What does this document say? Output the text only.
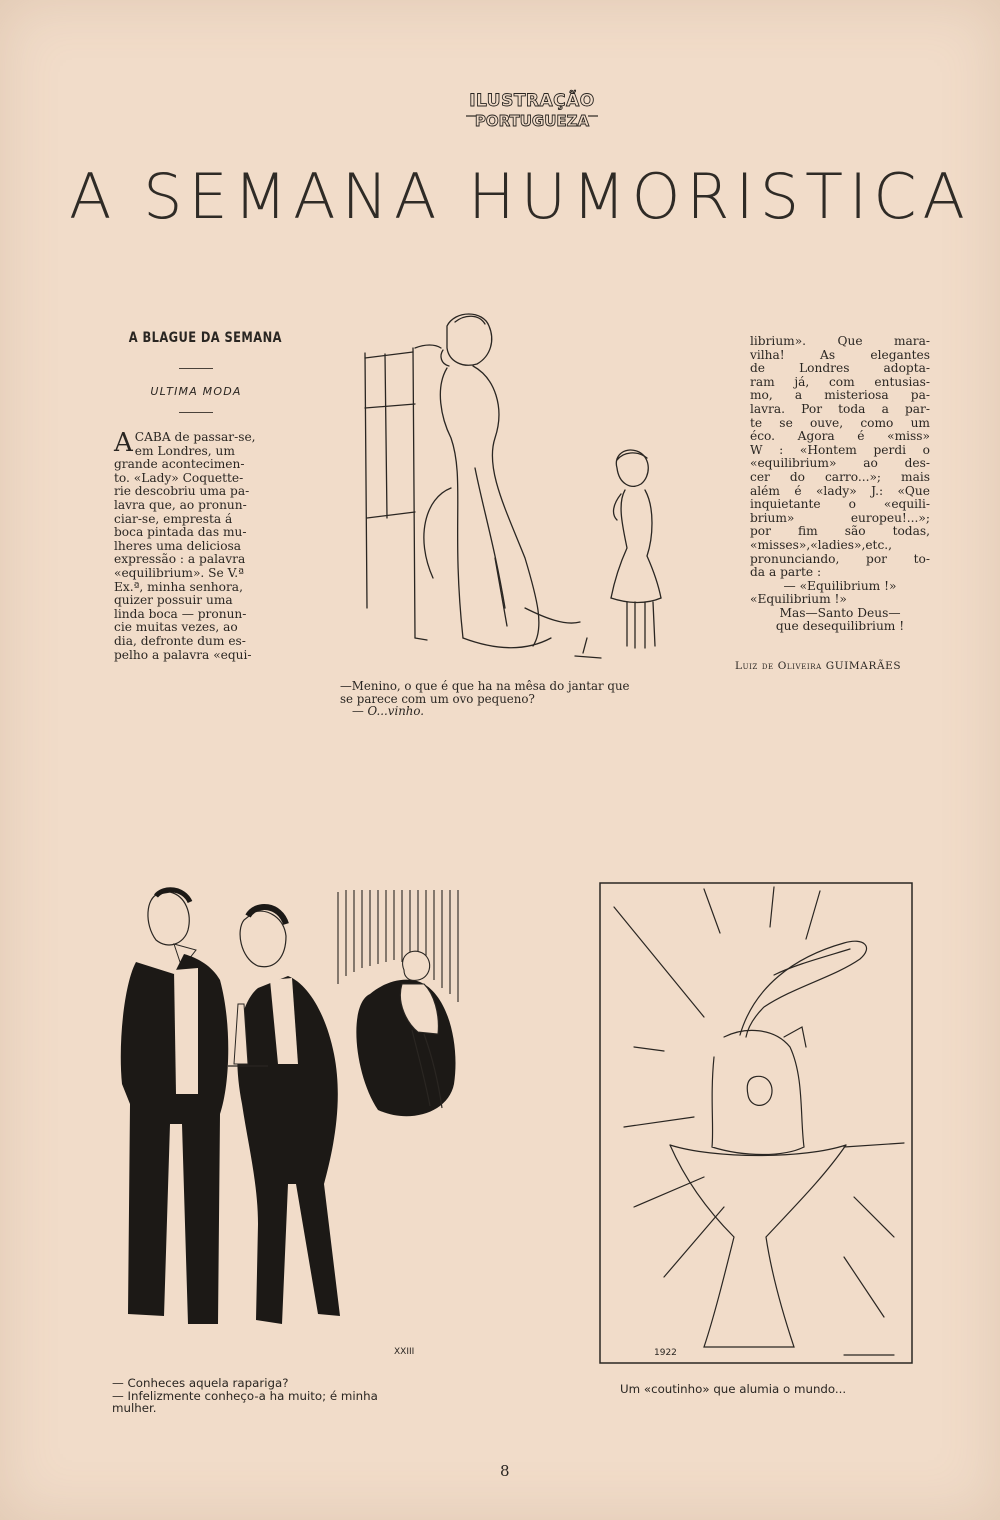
ILUSTRAÇÃO
PORTUGUEZA
A SEMANA HUMORISTICA
A BLAGUE DA SEMANA
ULTIMA MODA
A CABA de passar-se,
em Londres, um
grande acontecimen-
to. «Lady» Coquette-
rie descobriu uma pa-
lavra que, ao pronun-
ciar-se, empresta á
boca pintada das mu-
lheres uma deliciosa
expressão : a palavra
«equilibrium». Se V.ª
Ex.ª, minha senhora,
quizer possuir uma
linda boca — pronun-
cie muitas vezes, ao
dia, defronte dum es-
pelho a palavra «equi-
—Menino, o que é que ha na mêsa do jantar que
se parece com um ovo pequeno?
— O...vinho.
librium». Que mara-
vilha! As elegantes
de Londres adopta-
ram já, com entusias-
mo, a misteriosa pa-
lavra. Por toda a par-
te se ouve, como um
éco. Agora é «miss»
W : «Hontem perdi o
«equilibrium» ao des-
cer do carro...»; mais
além é «lady» J.: «Que
inquietante o «equili-
brium» europeu!...»;
por fim são todas,
«misses»,«ladies»,etc.,
pronunciando, por to-
da a parte :
— «Equilibrium !»
«Equilibrium !»
Mas—Santo Deus—
que desequilibrium !
Luiz de Oliveira GUIMARÃES
XXIII
— Conheces aquela rapariga?
— Infelizmente conheço-a ha muito; é minha
mulher.
1922
Um «coutinho» que alumia o mundo...
8
